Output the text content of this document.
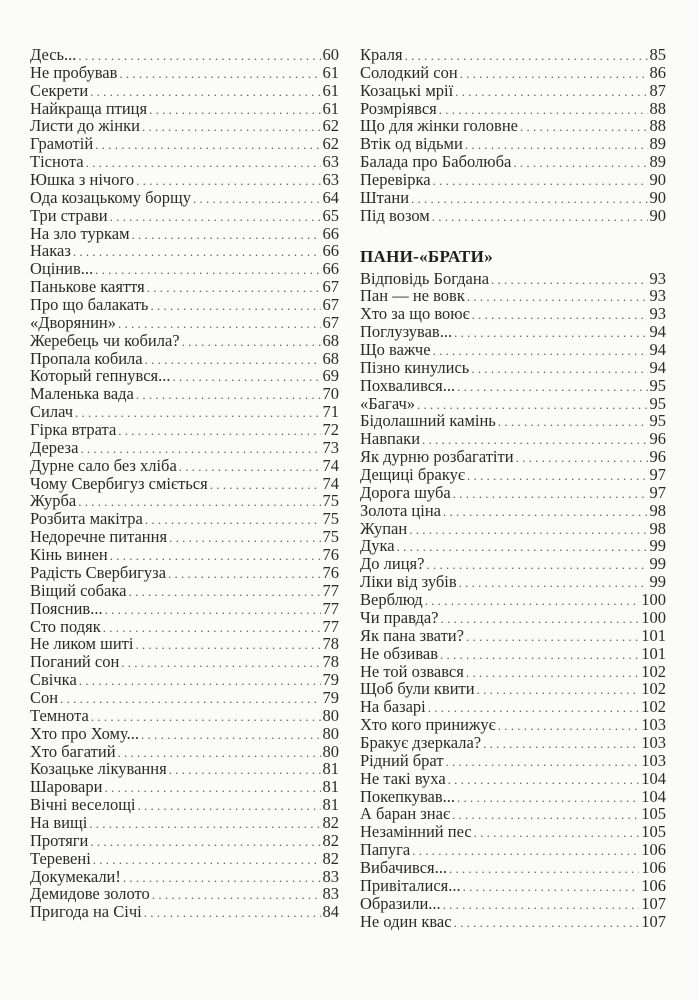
Десь... . . .	60
Не пробував . . .	61
Секрети . . .	61
Найкраща птиця . . .	61
Листи до жінки . . .	62
Грамотій . . .	62
Тіснота . . .	63
Юшка з нічого . . .	63
Ода козацькому борщу . . .	64
Три страви . . .	65
На зло туркам . . .	66
Наказ . . .	66
Оцінив... . . .	66
Паньковe каяття . . .	67
Про що балакать . . .	67
«Дворянин» . . .	67
Жеребець чи кобила? . . .	68
Пропала кобила . . .	68
Который гепнувся... . . .	69
Маленька вада . . .	70
Силач . . .	71
Гірка втрата . . .	72
Дереза . . .	73
Дурне сало без хліба . . .	74
Чому Свербигуз сміється . . .	74
Журба . . .	75
Розбита макітра . . .	75
Недоречне питання . . .	75
Кінь винен . . .	76
Радість Свербигуза . . .	76
Віщий собака . . .	77
Пояснив... . . .	77
Сто подяк . . .	77
Не ликом шиті . . .	78
Поганий сон . . .	78
Свічка . . .	79
Сон . . .	79
Темнота . . .	80
Хто про Хому... . . .	80
Хто багатий . . .	80
Козацьке лікування . . .	81
Шаровари . . .	81
Вічні веселощі . . .	81
На вищі . . .	82
Протяги . . .	82
Теревені . . .	82
Докумекали! . . .	83
Демидове золото . . .	83
Пригода на Січі . . .	84
Краля . . .	85
Солодкий сон . . .	86
Козацькі мрії . . .	87
Розмріявся . . .	88
Що для жінки головне . . .	88
Втік од відьми . . .	89
Балада про Баболюба . . .	89
Перевірка . . .	90
Штани . . .	90
Під возом . . .	90
ПАНИ-«БРАТИ»
Відповідь Богдана . . .	93
Пан — не вовк . . .	93
Хто за що воює . . .	93
Поглузував... . . .	94
Що важче . . .	94
Пізно кинулись . . .	94
Похвалився... . . .	95
«Багач» . . .	95
Бідолашний камінь . . .	95
Навпаки . . .	96
Як дурню розбагатіти . . .	96
Дещиці бракує . . .	97
Дорога шуба . . .	97
Золота ціна . . .	98
Жупан . . .	98
Дука . . .	99
До лиця? . . .	99
Ліки від зубів . . .	99
Верблюд . . .	100
Чи правда? . . .	100
Як пана звати? . . .	101
Не обзивав . . .	101
Не той озвався . . .	102
Щоб були квити . . .	102
На базарі . . .	102
Хто кого принижує . . .	103
Бракує дзеркала? . . .	103
Рідний брат . . .	103
Не такі вуха . . .	104
Покепкував... . . .	104
А баран знає . . .	105
Незамінний пес . . .	105
Папуга . . .	106
Вибачився... . . .	106
Привіталися... . . .	106
Образили... . . .	107
Не один квас . . .	107
